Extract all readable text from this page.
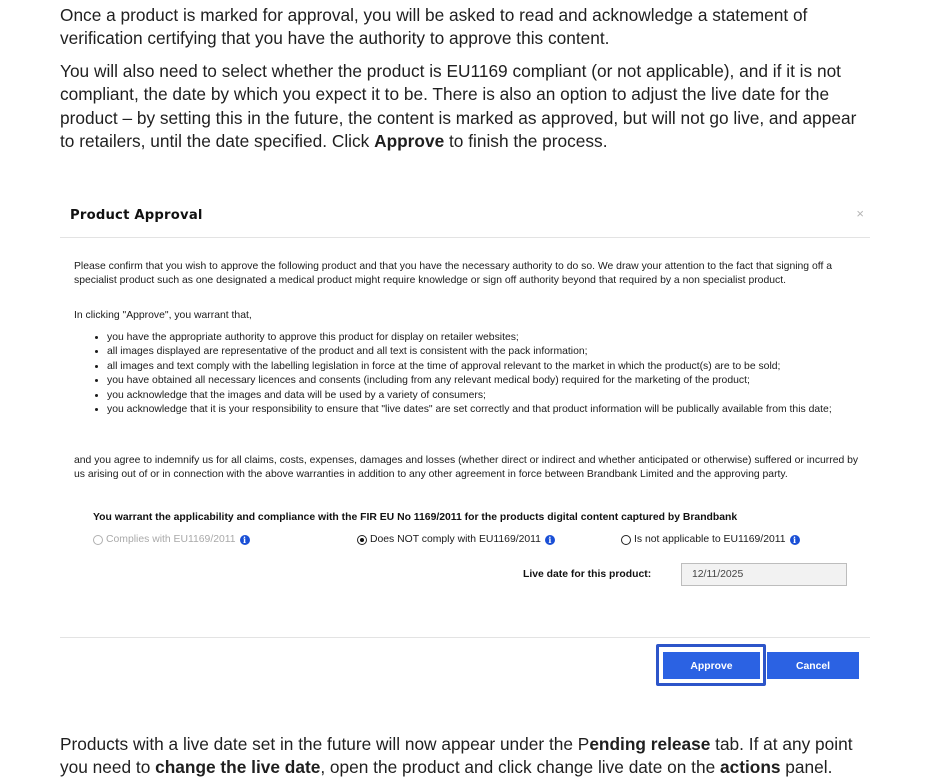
Once a product is marked for approval, you will be asked to read and acknowledge a statement of verification certifying that you have the authority to approve this content.

You will also need to select whether the product is EU1169 compliant (or not applicable), and if it is not compliant, the date by which you expect it to be. There is also an option to adjust the live date for the product – by setting this in the future, the content is marked as approved, but will not go live, and appear to retailers, until the date specified. Click Approve to finish the process.

Product Approval	×

Please confirm that you wish to approve the following product and that you have the necessary authority to do so. We draw your attention to the fact that signing off a specialist product such as one designated a medical product might require knowledge or sign off authority beyond that required by a non specialist product.

In clicking "Approve", you warrant that,

• you have the appropriate authority to approve this product for display on retailer websites;
• all images displayed are representative of the product and all text is consistent with the pack information;
• all images and text comply with the labelling legislation in force at the time of approval relevant to the market in which the product(s) are to be sold;
• you have obtained all necessary licences and consents (including from any relevant medical body) required for the marketing of the product;
• you acknowledge that the images and data will be used by a variety of consumers;
• you acknowledge that it is your responsibility to ensure that "live dates" are set correctly and that product information will be publically available from this date;

and you agree to indemnify us for all claims, costs, expenses, damages and losses (whether direct or indirect and whether anticipated or otherwise) suffered or incurred by us arising out of or in connection with the above warranties in addition to any other agreement in force between Brandbank Limited and the approving party.

You warrant the applicability and compliance with the FIR EU No 1169/2011 for the products digital content captured by Brandbank
Complies with EU1169/2011 i	Does NOT comply with EU1169/2011 i	Is not applicable to EU1169/2011 i
Live date for this product:
12/11/2025
Approve	Cancel

Products with a live date set in the future will now appear under the Pending release tab. If at any point you need to change the live date, open the product and click change live date on the actions panel.
